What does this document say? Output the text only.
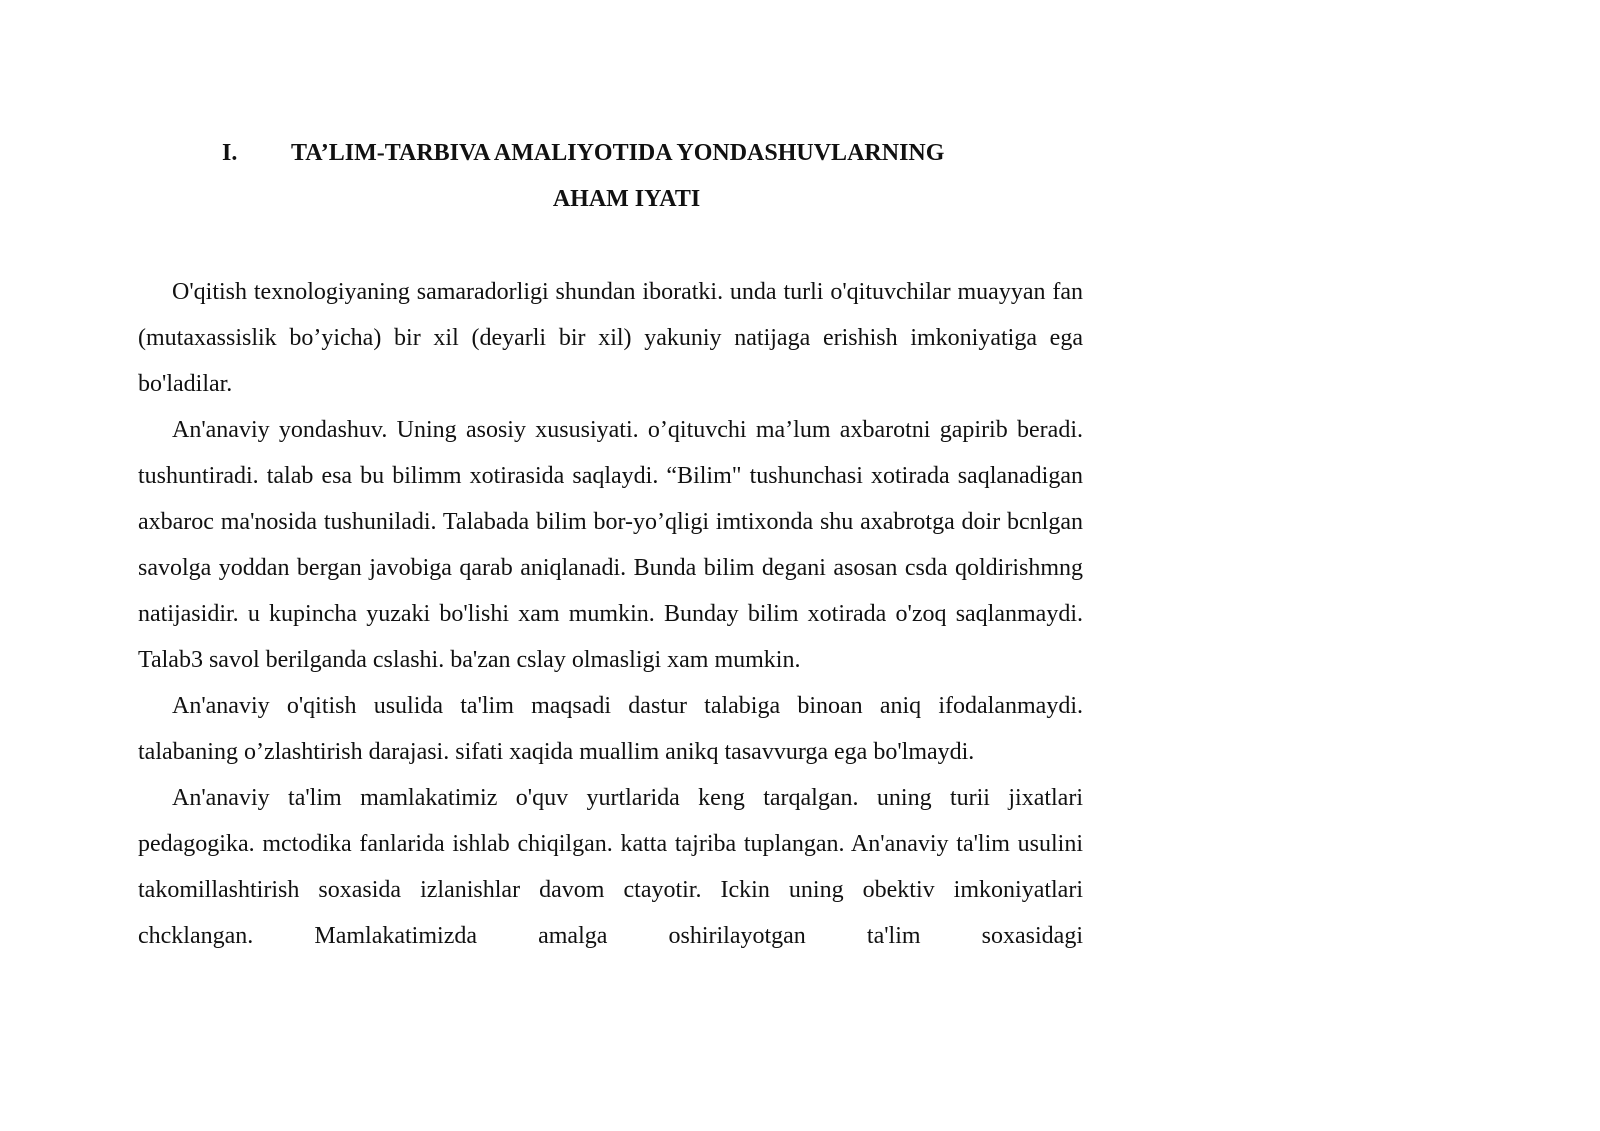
I. TA’LIM-TARBIVA AMALIYOTIDA YONDASHUVLARNING
AHAM IYATI

O'qitish texnologiyaning samaradorligi shundan iboratki. unda turli o'qituvchilar muayyan fan (mutaxassislik bo’yicha) bir xil (deyarli bir xil) yakuniy natijaga erishish imkoniyatiga ega bo'ladilar.

An'anaviy yondashuv. Uning asosiy xususiyati. o’qituvchi ma’lum axbarotni gapirib beradi. tushuntiradi. talab esa bu bilimm xotirasida saqlaydi. “Bilim" tushunchasi xotirada saqlanadigan axbaroc ma'nosida tushuniladi. Talabada bilim bor-yo’qligi imtixonda shu axabrotga doir bcnlgan savolga yoddan bergan javobiga qarab aniqlanadi. Bunda bilim degani asosan csda qoldirishmng natijasidir. u kupincha yuzaki bo'lishi xam mumkin. Bunday bilim xotirada o'zoq saqlanmaydi. Talab3 savol berilganda cslashi. ba'zan cslay olmasligi xam mumkin.

An'anaviy o'qitish usulida ta'lim maqsadi dastur talabiga binoan aniq ifodalanmaydi. talabaning o’zlashtirish darajasi. sifati xaqida muallim anikq tasavvurga ega bo'lmaydi.

An'anaviy ta'lim mamlakatimiz o'quv yurtlarida keng tarqalgan. uning turii jixatlari pedagogika. mctodika fanlarida ishlab chiqilgan. katta tajriba tuplangan. An'anaviy ta'lim usulini takomillashtirish soxasida izlanishlar davom ctayotir. Ickin uning obektiv imkoniyatlari chcklangan. Mamlakatimizda amalga oshirilayotgan ta'lim soxasidagi
